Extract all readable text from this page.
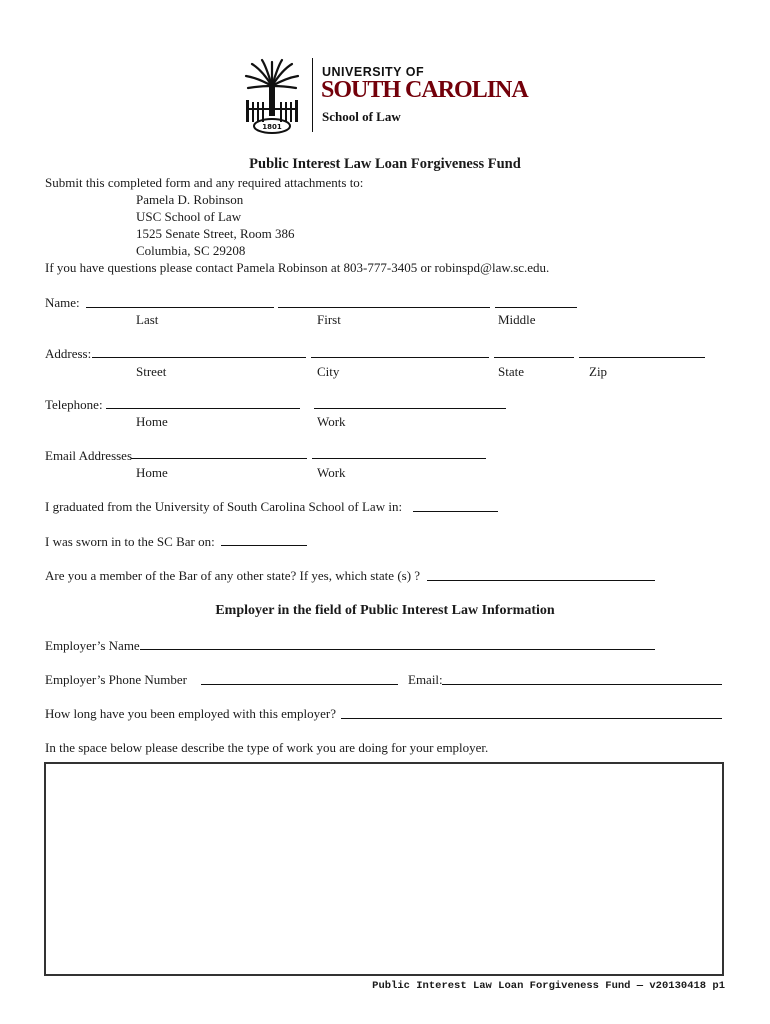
1801
UNIVERSITY OF
SOUTH CAROLINA
School of Law
Public Interest Law Loan Forgiveness Fund
Submit this completed form and any required attachments to:
Pamela D. Robinson
USC School of Law
1525 Senate Street, Room 386
Columbia, SC 29208
If you have questions please contact Pamela Robinson at 803-777-3405 or robinspd@law.sc.edu.
Name:
Last	First	Middle
Address:
Street	City	State	Zip
Telephone:
Home	Work
Email Addresses
Home	Work
I graduated from the University of South Carolina School of Law in:
I was sworn in to the SC Bar on:
Are you a member of the Bar of any other state? If yes, which state (s) ?
Employer in the field of Public Interest Law Information
Employer’s Name
Employer’s Phone Number	Email:
How long have you been employed with this employer?
In the space below please describe the type of work you are doing for your employer.
Public Interest Law Loan Forgiveness Fund — v20130418 p1
